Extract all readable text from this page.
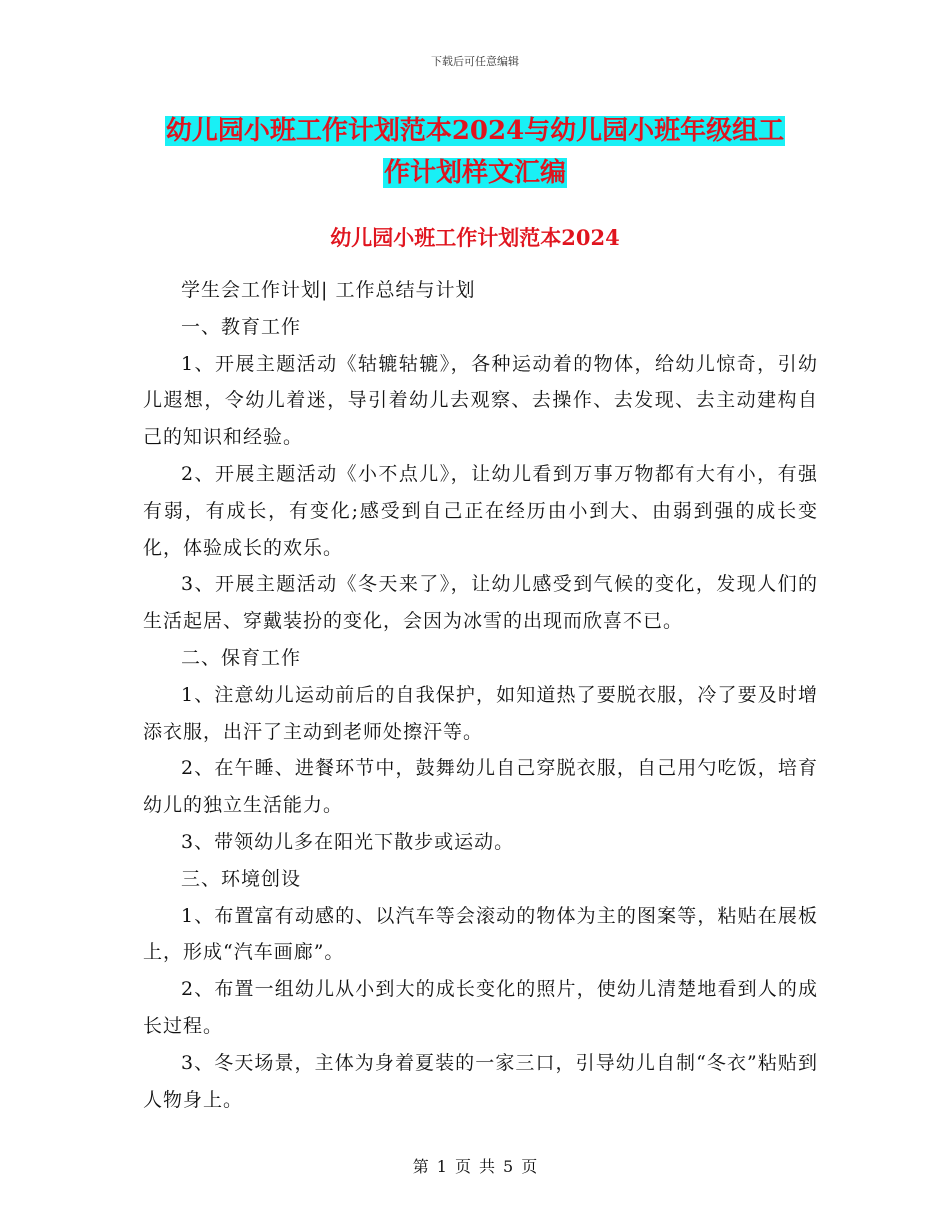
下载后可任意编辑
幼儿园小班工作计划范本2024与幼儿园小班年级组工
作计划样文汇编
幼儿园小班工作计划范本2024

学生会工作计划| 工作总结与计划

一、教育工作

1、开展主题活动《轱辘轱辘》，各种运动着的物体，给幼儿惊奇，引幼儿遐想，令幼儿着迷，导引着幼儿去观察、去操作、去发现、去主动建构自己的知识和经验。

2、开展主题活动《小不点儿》，让幼儿看到万事万物都有大有小，有强有弱，有成长，有变化;感受到自己正在经历由小到大、由弱到强的成长变化，体验成长的欢乐。

3、开展主题活动《冬天来了》，让幼儿感受到气候的变化，发现人们的生活起居、穿戴装扮的变化，会因为冰雪的出现而欣喜不已。

二、保育工作

1、注意幼儿运动前后的自我保护，如知道热了要脱衣服，冷了要及时增添衣服，出汗了主动到老师处擦汗等。

2、在午睡、进餐环节中，鼓舞幼儿自己穿脱衣服，自己用勺吃饭，培育幼儿的独立生活能力。

3、带领幼儿多在阳光下散步或运动。

三、环境创设

1、布置富有动感的、以汽车等会滚动的物体为主的图案等，粘贴在展板上，形成“汽车画廊”。

2、布置一组幼儿从小到大的成长变化的照片，使幼儿清楚地看到人的成长过程。

3、冬天场景，主体为身着夏装的一家三口，引导幼儿自制“冬衣”粘贴到人物身上。

第 1 页 共 5 页
